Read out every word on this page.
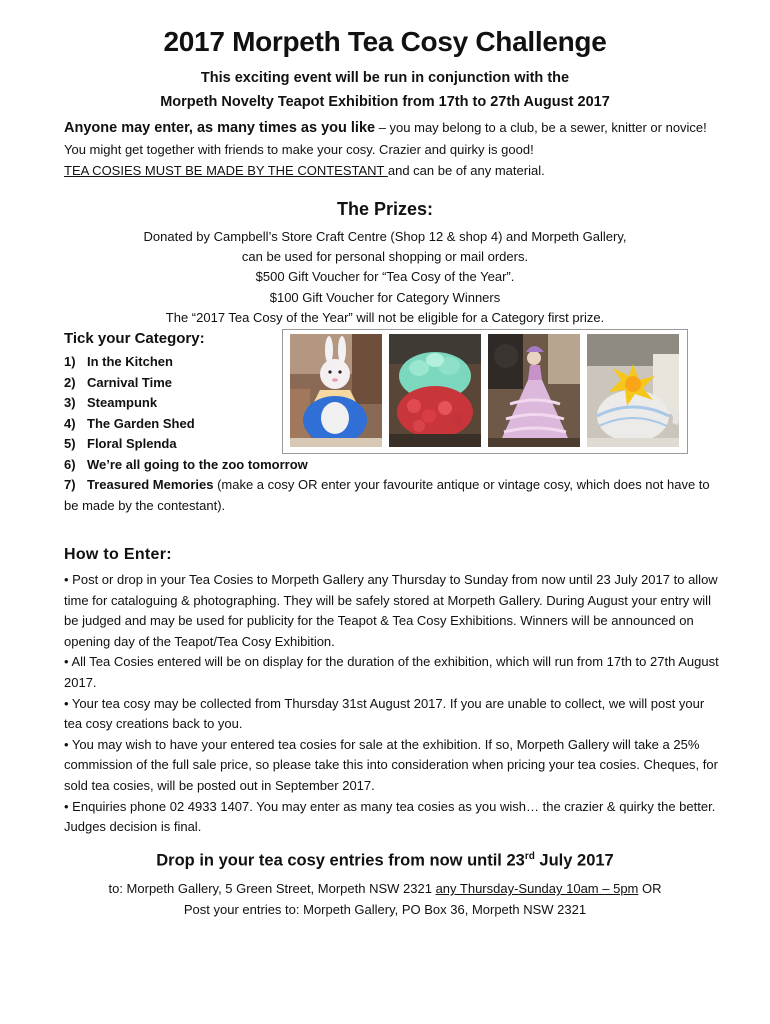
2017 Morpeth Tea Cosy Challenge
This exciting event will be run in conjunction with the
Morpeth Novelty Teapot Exhibition from 17th to 27th August 2017
Anyone may enter, as many times as you like – you may belong to a club, be a sewer, knitter or novice! You might get together with friends to make your cosy. Crazier and quirky is good!
TEA COSIES MUST BE MADE BY THE CONTESTANT and can be of any material.
The Prizes:
Donated by Campbell’s Store Craft Centre (Shop 12 & shop 4) and Morpeth Gallery,
can be used for personal shopping or mail orders.
$500 Gift Voucher for “Tea Cosy of the Year”.
$100 Gift Voucher for Category Winners
The “2017 Tea Cosy of the Year” will not be eligible for a Category first prize.
Tick your Category:
1) In the Kitchen
2) Carnival Time
3) Steampunk
4) The Garden Shed
5) Floral Splenda
6) We’re all going to the zoo tomorrow
7) Treasured Memories (make a cosy OR enter your favourite antique or vintage cosy, which does not have to be made by the contestant).
How to Enter:
• Post or drop in your Tea Cosies to Morpeth Gallery any Thursday to Sunday from now until 23 July 2017 to allow time for cataloguing & photographing. They will be safely stored at Morpeth Gallery. During August your entry will be judged and may be used for publicity for the Teapot & Tea Cosy Exhibitions. Winners will be announced on opening day of the Teapot/Tea Cosy Exhibition.
• All Tea Cosies entered will be on display for the duration of the exhibition, which will run from 17th to 27th August 2017.
• Your tea cosy may be collected from Thursday 31st August 2017. If you are unable to collect, we will post your tea cosy creations back to you.
• You may wish to have your entered tea cosies for sale at the exhibition. If so, Morpeth Gallery will take a 25% commission of the full sale price, so please take this into consideration when pricing your tea cosies. Cheques, for sold tea cosies, will be posted out in September 2017.
• Enquiries phone 02 4933 1407. You may enter as many tea cosies as you wish… the crazier & quirky the better. Judges decision is final.
Drop in your tea cosy entries from now until 23rd July 2017
to: Morpeth Gallery, 5 Green Street, Morpeth NSW 2321 any Thursday-Sunday 10am – 5pm OR
Post your entries to: Morpeth Gallery, PO Box 36, Morpeth NSW 2321
